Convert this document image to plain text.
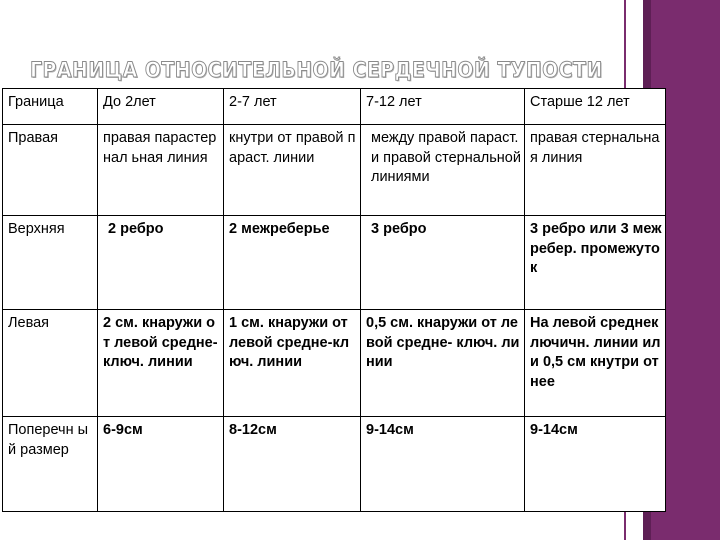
ГРАНИЦА ОТНОСИТЕЛЬНОЙ СЕРДЕЧНОЙ ТУПОСТИ
Граница	До 2лет	2-7 лет	7-12 лет	Старше 12 лет
Правая	правая парастернал ьная линия	кнутри от правой параст. линии	между правой параст. и правой стернальной линиями	правая стернальная линия
Верхняя	2 ребро	2 межреберье	3 ребро	3 ребро или 3 межребер. промежуток
Левая	2 см. кнаружи от левой средне-ключ. линии	1 см. кнаружи от левой средне-ключ. линии	0,5 см. кнаружи от левой средне- ключ. линии	На левой среднеключичн. линии или 0,5 см кнутри от нее
Поперечн ый размер	6-9см	8-12см	9-14см	9-14см
